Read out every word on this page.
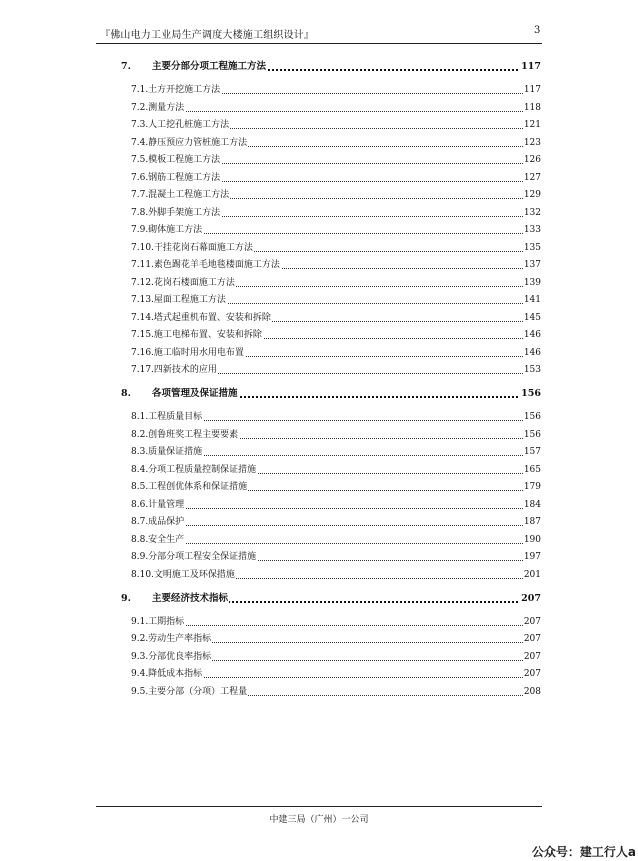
『佛山电力工业局生产调度大楼施工组织设计』	3
7.	主要分部分项工程施工方法	117
7.1.土方开挖施工方法	117
7.2.测量方法	118
7.3.人工挖孔桩施工方法	121
7.4.静压预应力管桩施工方法	123
7.5.模板工程施工方法	126
7.6.钢筋工程施工方法	127
7.7.混凝土工程施工方法	129
7.8.外脚手架施工方法	132
7.9.砌体施工方法	133
7.10.干挂花岗石幕面施工方法	135
7.11.素色踢花羊毛地毯楼面施工方法	137
7.12.花岗石楼面施工方法	139
7.13.屋面工程施工方法	141
7.14.塔式起重机布置、安装和拆除	145
7.15.施工电梯布置、安装和拆除	146
7.16.施工临时用水用电布置	146
7.17.四新技术的应用	153
8.	各项管理及保证措施	156
8.1.工程质量目标	156
8.2.创鲁班奖工程主要要素	156
8.3.质量保证措施	157
8.4.分项工程质量控制保证措施	165
8.5.工程创优体系和保证措施	179
8.6.计量管理	184
8.7.成品保护	187
8.8.安全生产	190
8.9.分部分项工程安全保证措施	197
8.10.文明施工及环保措施	201
9.	主要经济技术指标	207
9.1.工期指标	207
9.2.劳动生产率指标	207
9.3.分部优良率指标	207
9.4.降低成本指标	207
9.5.主要分部（分项）工程量	208
中建三局（广州）一公司
公众号：建工行人a
